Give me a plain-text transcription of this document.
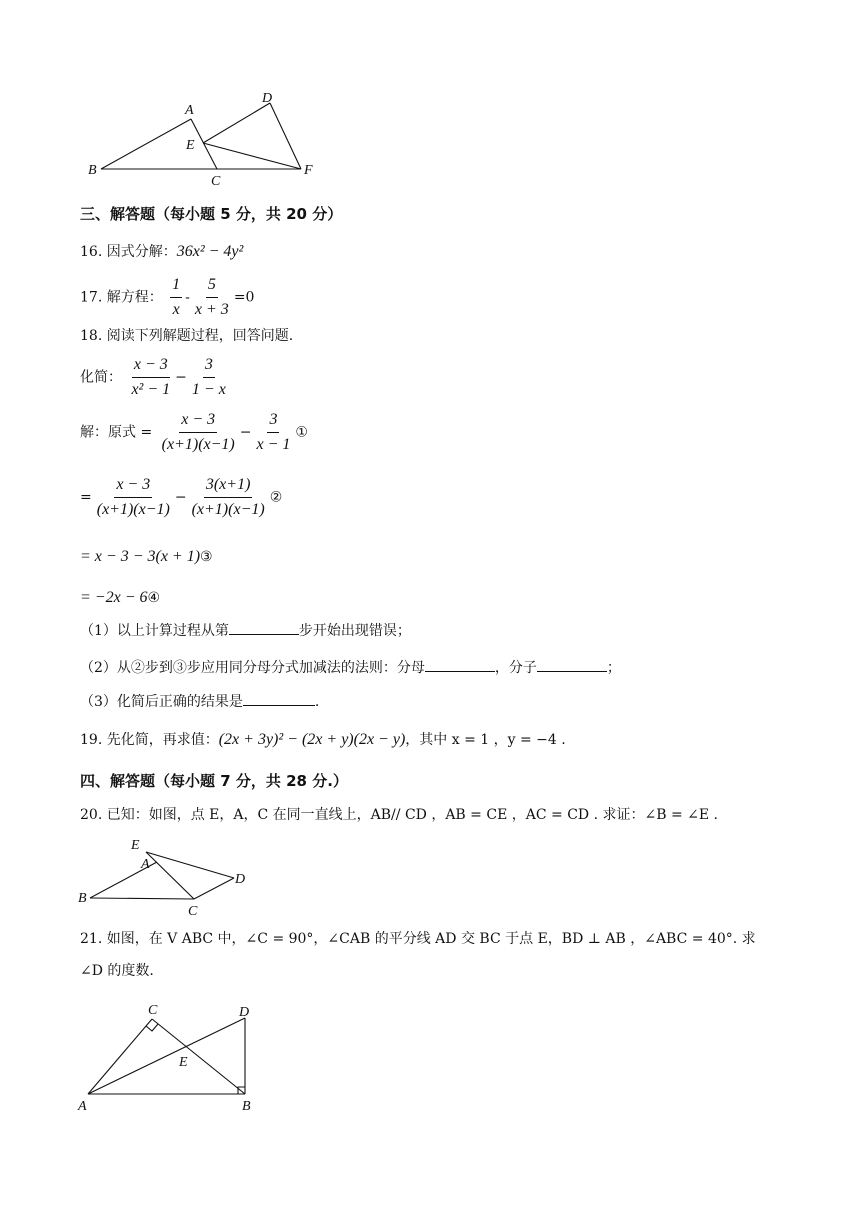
A
D
E
B
C
F
三、解答题（每小题 5 分，共 20 分）
16. 因式分解：36x² − 4y²
17. 解方程： $\frac{1}{x} - \frac{5}{x + 3} =0$
18. 阅读下列解题过程，回答问题.
化简： $\frac{x - 3}{\text{x² − 1}} - \frac{3}{1 - x}$
解：原式 = $\frac{x - 3}{(x+1)(x-1)} - \frac{3}{x - 1}$ ①
= $\frac{x - 3}{(x+1)(x-1)} - \frac{3(x+1)}{(x+1)(x-1)}$ ②
= x − 3 − 3(x + 1)③
= −2x − 6④
（1）以上计算过程从第	步开始出现错误；
（2）从②步到③步应用同分母分式加减法的法则：分母	，分子	；
（3）化简后正确的结果是	.
19. 先化简，再求值：(2x + 3y)² − (2x + y)(2x − y)，其中 x = 1 ，y = −4 .
四、解答题（每小题 7 分，共 28 分.）
20. 已知：如图，点 E，A，C 在同一直线上，AB// CD ，AB = CE ，AC = CD . 求证：∠B = ∠E .
E
A
B
C
D
21. 如图，在 V ABC 中，∠C = 90°，∠CAB 的平分线 AD 交 BC 于点 E，BD ⊥ AB ，∠ABC = 40°. 求
∠D 的度数.
C	D
E
A	B
